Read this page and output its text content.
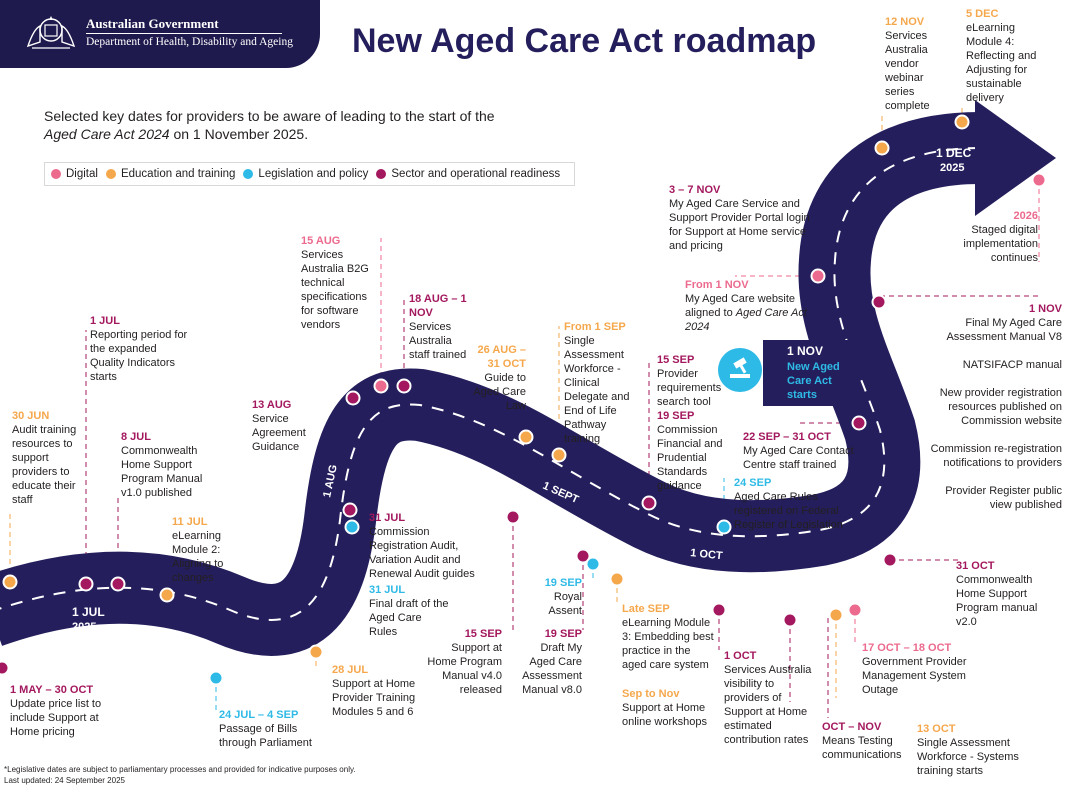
Australian Government
Department of Health, Disability and Ageing New Aged Care Act roadmap
Selected key dates for providers to be aware of leading to the start of the Aged Care Act 2024 on 1 November 2025.
Digital Education and training Legislation and policy Sector and operational readiness
1 JUL
2025
1 AUG	1 SEPT
1 OCT
1 DEC
2025
1 NOV
New Aged Care Act starts
1 MAY – 30 OCT
Update price list to include Support at Home pricing
30 JUN
Audit training resources to support providers to educate their staff
1 JUL
Reporting period for the expanded Quality Indicators starts
8 JUL
Commonwealth Home Support Program Manual v1.0 published
11 JUL
eLearning Module 2: Aligning to changes
24 JUL – 4 SEP
Passage of Bills through Parliament
28 JUL
Support at Home Provider Training Modules 5 and 6
31 JUL
Commission Registration Audit, Variation Audit and Renewal Audit guides
31 JUL
Final draft of the Aged Care Rules
13 AUG
Service Agreement Guidance
15 AUG
Services Australia B2G technical specifications for software vendors
18 AUG – 1 NOV
Services Australia staff trained	26 AUG – 31 OCT
Guide to Aged Care Law
From 1 SEP
Single Assessment Workforce - Clinical Delegate and End of Life Pathway training
15 SEP
Provider requirements search tool
19 SEP
Commission Financial and Prudential Standards guidance
15 SEP
Support at Home Program Manual v4.0 released
19 SEP
Royal Assent
19 SEP
Draft My Aged Care Assessment Manual v8.0
Late SEP
eLearning Module 3: Embedding best practice in the aged care system
Sep to Nov
Support at Home online workshops
22 SEP – 31 OCT
My Aged Care Contact Centre staff trained
24 SEP
Aged Care Rules registered on Federal Register of Legislation
1 OCT
Services Australia visibility to providers of Support at Home estimated contribution rates
OCT – NOV
Means Testing communications
13 OCT
Single Assessment Workforce - Systems training starts
17 OCT – 18 OCT
Government Provider Management System Outage
31 OCT
Commonwealth Home Support Program manual v2.0
From 1 NOV
My Aged Care website aligned to Aged Care Act 2024
3 – 7 NOV
My Aged Care Service and Support Provider Portal login for Support at Home service and pricing
1 NOV
Final My Aged Care Assessment Manual V8
NATSIFACP manual
New provider registration resources published on Commission website
Commission re-registration notifications to providers
Provider Register public view published
12 NOV
Services Australia vendor webinar series complete
5 DEC
eLearning Module 4: Reflecting and Adjusting for sustainable delivery
2026
Staged digital implementation continues
*Legislative dates are subject to parliamentary processes and provided for indicative purposes only.
Last updated: 24 September 2025
